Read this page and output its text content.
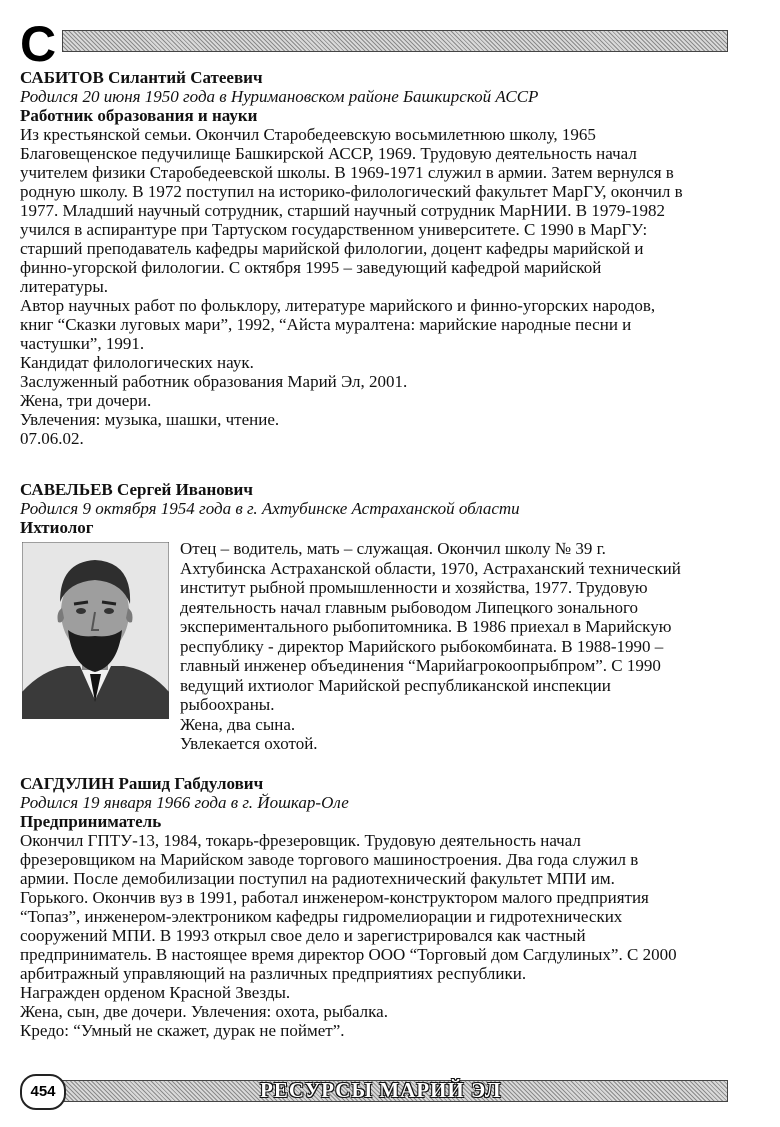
С
САБИТОВ Силантий Сатеевич
Родился 20 июня 1950 года в Нуримановском районе Башкирской АССР
Работник образования и науки
Из крестьянской семьи. Окончил Старобедеевскую восьмилетнюю школу, 1965
Благовещенское педучилище Башкирской АССР, 1969. Трудовую деятельность начал
учителем физики Старобедеевской школы. В 1969-1971 служил в армии. Затем вернулся в
родную школу. В 1972 поступил на историко-филологический факультет МарГУ, окончил в
1977. Младший научный сотрудник, старший научный сотрудник МарНИИ. В 1979-1982
учился в аспирантуре при Тартуском государственном университете. С 1990 в МарГУ:
старший преподаватель кафедры марийской филологии, доцент кафедры марийской и
финно-угорской филологии. С октября 1995 – заведующий кафедрой марийской
литературы.
Автор научных работ по фольклору, литературе марийского и финно-угорских народов,
книг “Сказки луговых мари”, 1992, “Айста муралтена: марийские народные песни и
частушки”, 1991.
Кандидат филологических наук.
Заслуженный работник образования Марий Эл, 2001.
Жена, три дочери.
Увлечения: музыка, шашки, чтение.
07.06.02.
САВЕЛЬЕВ Сергей Иванович
Родился 9 октября 1954 года в г. Ахтубинске Астраханской области
Ихтиолог
Отец – водитель, мать – служащая. Окончил школу № 39 г.
Ахтубинска Астраханской области, 1970, Астраханский технический
институт рыбной промышленности и хозяйства, 1977. Трудовую
деятельность начал главным рыбоводом Липецкого зонального
экспериментального рыбопитомника. В 1986 приехал в Марийскую
республику - директор Марийского рыбокомбината. В 1988-1990 –
главный инженер объединения “Марийагрокоопрыбпром”. С 1990
ведущий ихтиолог Марийской республиканской инспекции
рыбоохраны.
Жена, два сына.
Увлекается охотой.
САГДУЛИН Рашид Габдулович
Родился 19 января 1966 года в г. Йошкар-Оле
Предприниматель
Окончил ГПТУ-13, 1984, токарь-фрезеровщик. Трудовую деятельность начал
фрезеровщиком на Марийском заводе торгового машиностроения. Два года служил в
армии. После демобилизации поступил на радиотехнический факультет МПИ им.
Горького. Окончив вуз в 1991, работал инженером-конструктором малого предприятия
“Топаз”, инженером-электроником кафедры гидромелиорации и гидротехнических
сооружений МПИ. В 1993 открыл свое дело и зарегистрировался как частный
предприниматель. В настоящее время директор ООО “Торговый дом Сагдулиных”. С 2000
арбитражный управляющий на различных предприятиях республики.
Награжден орденом Красной Звезды.
Жена, сын, две дочери. Увлечения: охота, рыбалка.
Кредо: “Умный не скажет, дурак не поймет”.
454	РЕСУРСЫ МАРИЙ ЭЛ
